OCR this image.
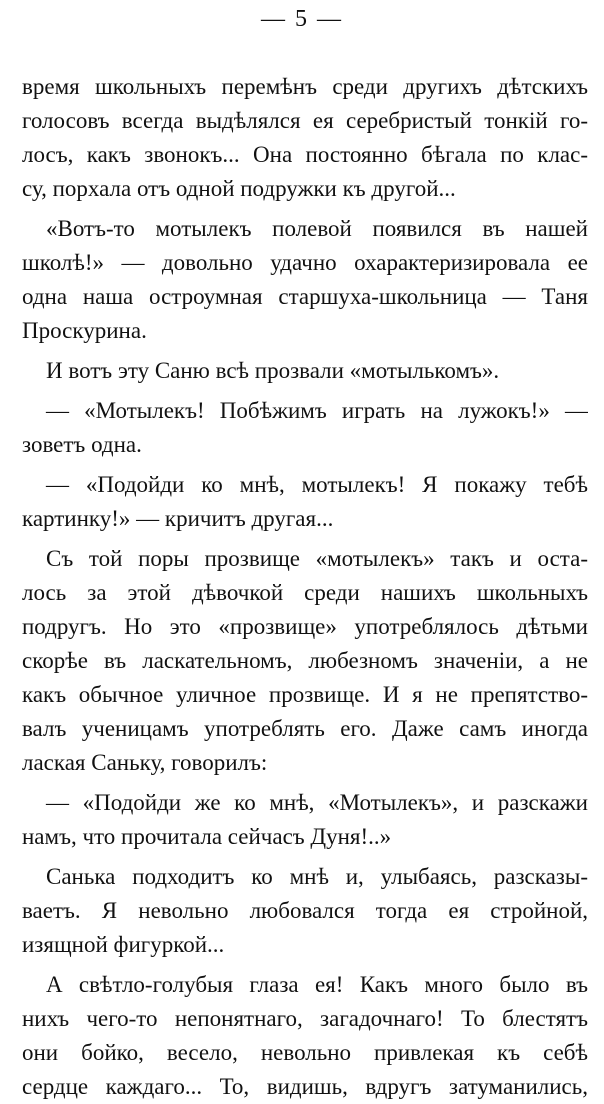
— 5 —
время школьныхъ перемѣнъ среди другихъ дѣтскихъ
голосовъ всегда выдѣлялся ея серебристый тонкій го-
лосъ, какъ звонокъ... Она постоянно бѣгала по клас-
су, порхала отъ одной подружки къ другой...
«Вотъ-то мотылекъ полевой появился въ нашей
школѣ!» — довольно удачно охарактеризировала ее
одна наша остроумная старшуха-школьница — Таня
Проскурина.
И вотъ эту Саню всѣ прозвали «мотылькомъ».
— «Мотылекъ! Побѣжимъ играть на лужокъ!» —
зоветъ одна.
— «Подойди ко мнѣ, мотылекъ! Я покажу тебѣ
картинку!» — кричитъ другая...
Съ той поры прозвище «мотылекъ» такъ и оста-
лось за этой дѣвочкой среди нашихъ школьныхъ
подругъ. Но это «прозвище» употреблялось дѣтьми
скорѣе въ ласкательномъ, любезномъ значеніи, а не
какъ обычное уличное прозвище. И я не препятство-
валъ ученицамъ употреблять его. Даже самъ иногда
лаская Саньку, говорилъ:
— «Подойди же ко мнѣ, «Мотылекъ», и разскажи
намъ, что прочитала сейчасъ Дуня!..»
Санька подходитъ ко мнѣ и, улыбаясь, разсказы-
ваетъ. Я невольно любовался тогда ея стройной,
изящной фигуркой...
А свѣтло-голубыя глаза ея! Какъ много было въ
нихъ чего-то непонятнаго, загадочнаго! То блестятъ
они бойко, весело, невольно привлекая къ себѣ
сердце каждаго... То, видишь, вдругъ затуманились,
